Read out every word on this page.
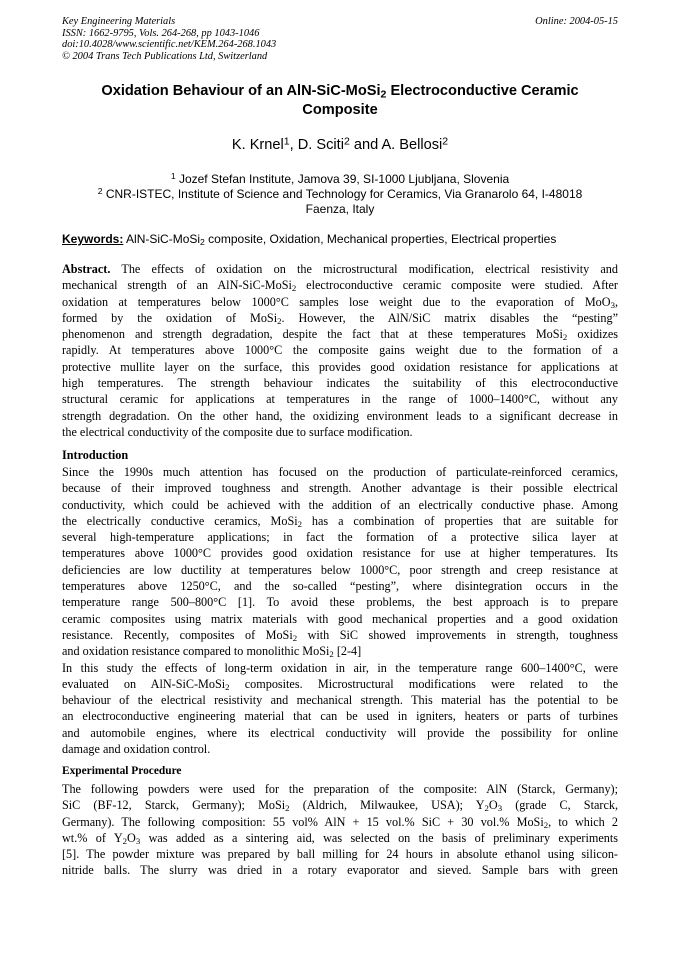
Key Engineering Materials
ISSN: 1662-9795, Vols. 264-268, pp 1043-1046
doi:10.4028/www.scientific.net/KEM.264-268.1043
© 2004 Trans Tech Publications Ltd, Switzerland
Online: 2004-05-15
Oxidation Behaviour of an AlN-SiC-MoSi$_2$ Electroconductive Ceramic
Composite
K. Krnel$^1$, D. Sciti$^2$ and A. Bellosi$^2$
$^1$ Jozef Stefan Institute, Jamova 39, SI-1000 Ljubljana, Slovenia
$^2$ CNR-ISTEC, Institute of Science and Technology for Ceramics, Via Granarolo 64, I-48018
Faenza, Italy
Keywords: AlN-SiC-MoSi$_2$ composite, Oxidation, Mechanical properties, Electrical properties
Abstract. The effects of oxidation on the microstructural modification, electrical resistivity and
mechanical strength of an AlN-SiC-MoSi$_2$ electroconductive ceramic composite were studied. After
oxidation at temperatures below 1000°C samples lose weight due to the evaporation of MoO$_3$,
formed by the oxidation of MoSi$_2$. However, the AlN/SiC matrix disables the “pesting”
phenomenon and strength degradation, despite the fact that at these temperatures MoSi$_2$ oxidizes
rapidly. At temperatures above 1000°C the composite gains weight due to the formation of a
protective mullite layer on the surface, this provides good oxidation resistance for applications at
high temperatures. The strength behaviour indicates the suitability of this electroconductive
structural ceramic for applications at temperatures in the range of 1000–1400°C, without any
strength degradation. On the other hand, the oxidizing environment leads to a significant decrease in
the electrical conductivity of the composite due to surface modification.
Introduction
Since the 1990s much attention has focused on the production of particulate-reinforced ceramics,
because of their improved toughness and strength. Another advantage is their possible electrical
conductivity, which could be achieved with the addition of an electrically conductive phase. Among
the electrically conductive ceramics, MoSi$_2$ has a combination of properties that are suitable for
several high-temperature applications; in fact the formation of a protective silica layer at
temperatures above 1000°C provides good oxidation resistance for use at higher temperatures. Its
deficiencies are low ductility at temperatures below 1000°C, poor strength and creep resistance at
temperatures above 1250°C, and the so-called “pesting”, where disintegration occurs in the
temperature range 500–800°C [1]. To avoid these problems, the best approach is to prepare
ceramic composites using matrix materials with good mechanical properties and a good oxidation
resistance. Recently, composites of MoSi$_2$ with SiC showed improvements in strength, toughness
and oxidation resistance compared to monolithic MoSi$_2$ [2-4]
In this study the effects of long-term oxidation in air, in the temperature range 600–1400°C, were
evaluated on AlN-SiC-MoSi$_2$ composites. Microstructural modifications were related to the
behaviour of the electrical resistivity and mechanical strength. This material has the potential to be
an electroconductive engineering material that can be used in igniters, heaters or parts of turbines
and automobile engines, where its electrical conductivity will provide the possibility for online
damage and oxidation control.
Experimental Procedure
The following powders were used for the preparation of the composite: AlN (Starck, Germany);
SiC (BF-12, Starck, Germany); MoSi$_2$ (Aldrich, Milwaukee, USA); $Y_2O_3$ (grade C, Starck,
Germany). The following composition: 55 vol% AlN + 15 vol.% SiC + 30 vol.% MoSi$_2$, to which 2
wt.% of $Y_2O_3$ was added as a sintering aid, was selected on the basis of preliminary experiments
[5]. The powder mixture was prepared by ball milling for 24 hours in absolute ethanol using silicon-
nitride balls. The slurry was dried in a rotary evaporator and sieved. Sample bars with green
